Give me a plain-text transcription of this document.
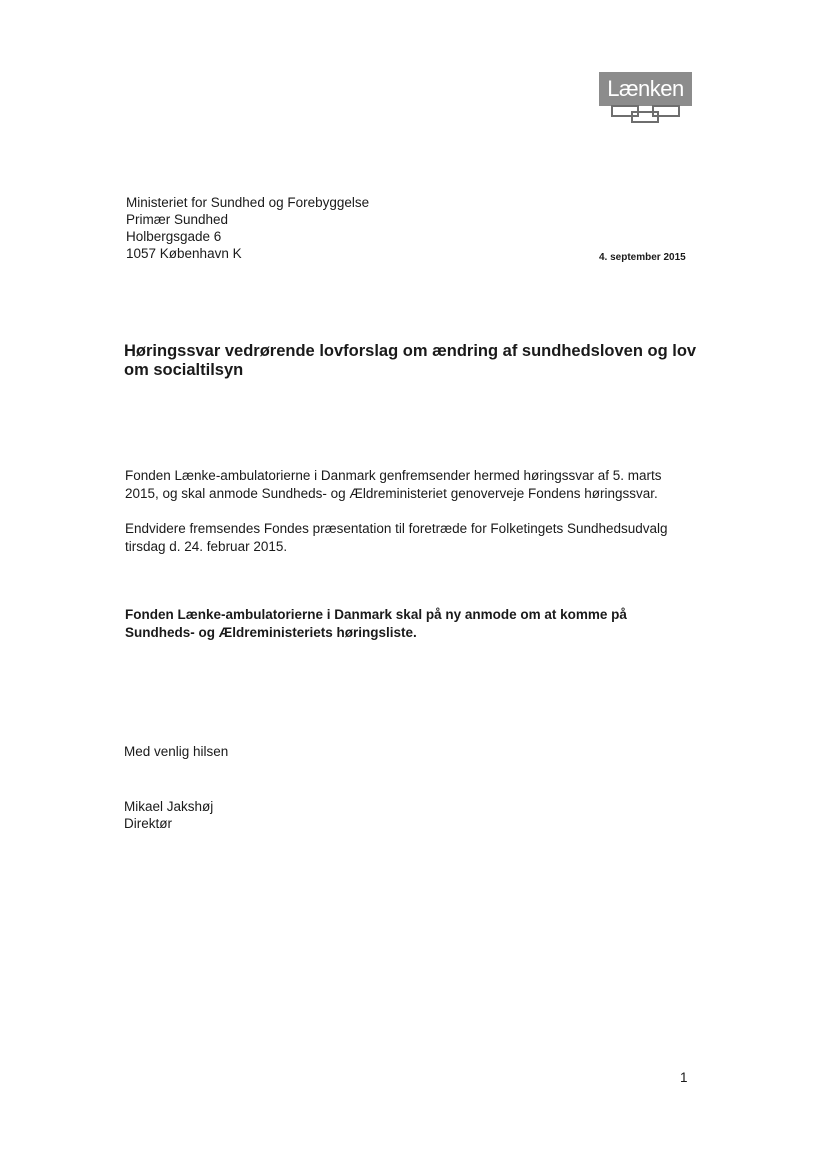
Lænken
Ministeriet for Sundhed og Forebyggelse
Primær Sundhed
Holbergsgade 6
1057 København K	4. september 2015
Høringssvar vedrørende lovforslag om ændring af sundhedsloven og lov om socialtilsyn
Fonden Lænke-ambulatorierne i Danmark genfremsender hermed høringssvar af 5. marts 2015, og skal anmode Sundheds- og Ældreministeriet genoverveje Fondens høringssvar.
Endvidere fremsendes Fondes præsentation til foretræde for Folketingets Sundhedsudvalg tirsdag d. 24. februar 2015.
Fonden Lænke-ambulatorierne i Danmark skal på ny anmode om at komme på Sundheds- og Ældreministeriets høringsliste.
Med venlig hilsen
Mikael Jakshøj
Direktør
1
